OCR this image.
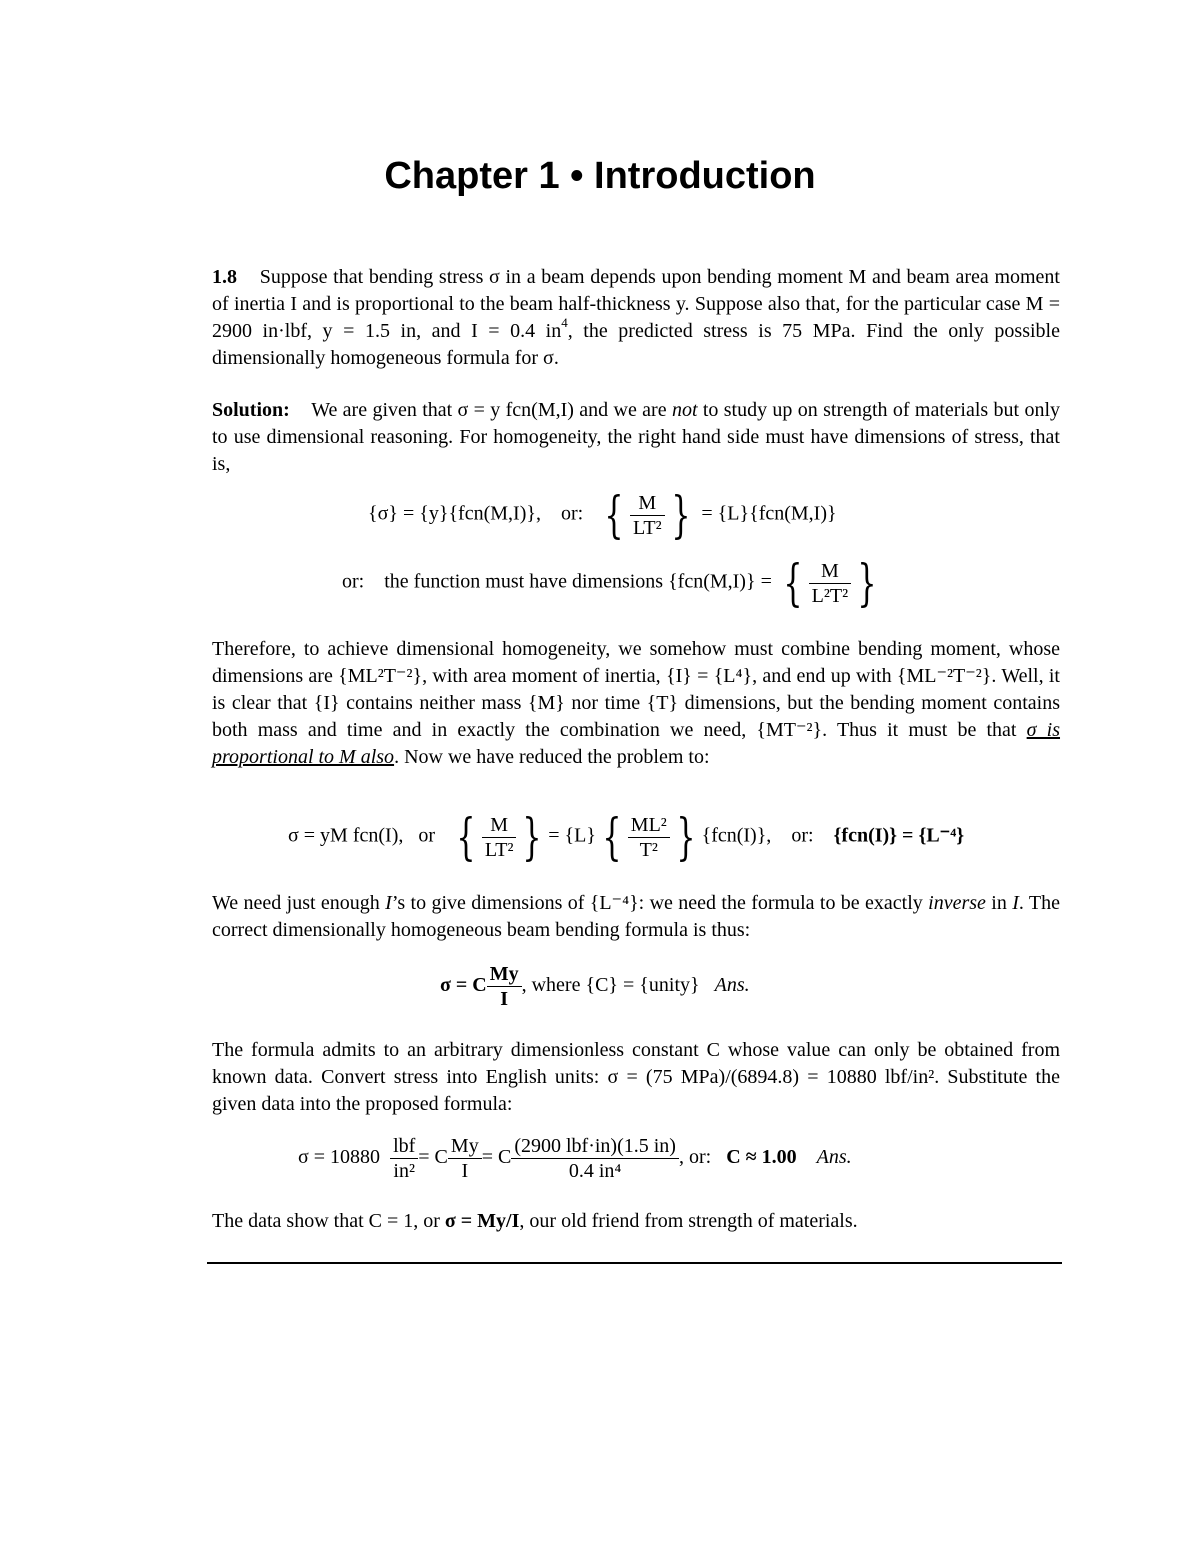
Chapter 1 • Introduction
1.8 Suppose that bending stress σ in a beam depends upon bending moment M and beam area moment of inertia I and is proportional to the beam half-thickness y. Suppose also that, for the particular case M = 2900 in·lbf, y = 1.5 in, and I = 0.4 $in^4$, the predicted stress is 75 MPa. Find the only possible dimensionally homogeneous formula for σ.
Solution: We are given that σ = y fcn(M,I) and we are not to study up on strength of materials but only to use dimensional reasoning. For homogeneity, the right hand side must have dimensions of stress, that is,
{σ} = {y}{fcn(M,I)}, or: { $\frac{M}{\text{LT²}}$ } = {L}{fcn(M,I)}
or: the function must have dimensions {fcn(M,I)} = { $\frac{M}{\text{L²T²}}$ }
Therefore, to achieve dimensional homogeneity, we somehow must combine bending moment, whose dimensions are {ML²T⁻²}, with area moment of inertia, {I} = {L⁴}, and end up with {ML⁻²T⁻²}. Well, it is clear that {I} contains neither mass {M} nor time {T} dimensions, but the bending moment contains both mass and time and in exactly the combination we need, {MT⁻²}. Thus it must be that σ is proportional to M also. Now we have reduced the problem to:
σ = yM fcn(I), or { $\frac{M}{\text{LT²}}$ } = {L} { $\frac{\text{ML²}}{\text{T²}}$ } {fcn(I)}, or: {fcn(I)} = {L⁻⁴}
We need just enough I’s to give dimensions of {L⁻⁴}: we need the formula to be exactly inverse in I. The correct dimensionally homogeneous beam bending formula is thus:
σ = C $\frac{My}{I}$ , where {C} = {unity} Ans.
The formula admits to an arbitrary dimensionless constant C whose value can only be obtained from known data. Convert stress into English units: σ = (75 MPa)/(6894.8) = 10880 lbf/in². Substitute the given data into the proposed formula:
$\sigma = 10880 \frac{\text{lbf}}{\text{in²}} = C \frac{My}{I} = C \frac{\text{(2900 lbf·in)(1.5 in)}}{\text{0.4 in⁴}}$ , or: C ≈ 1.00 Ans.
The data show that C = 1, or σ = My/I, our old friend from strength of materials.
